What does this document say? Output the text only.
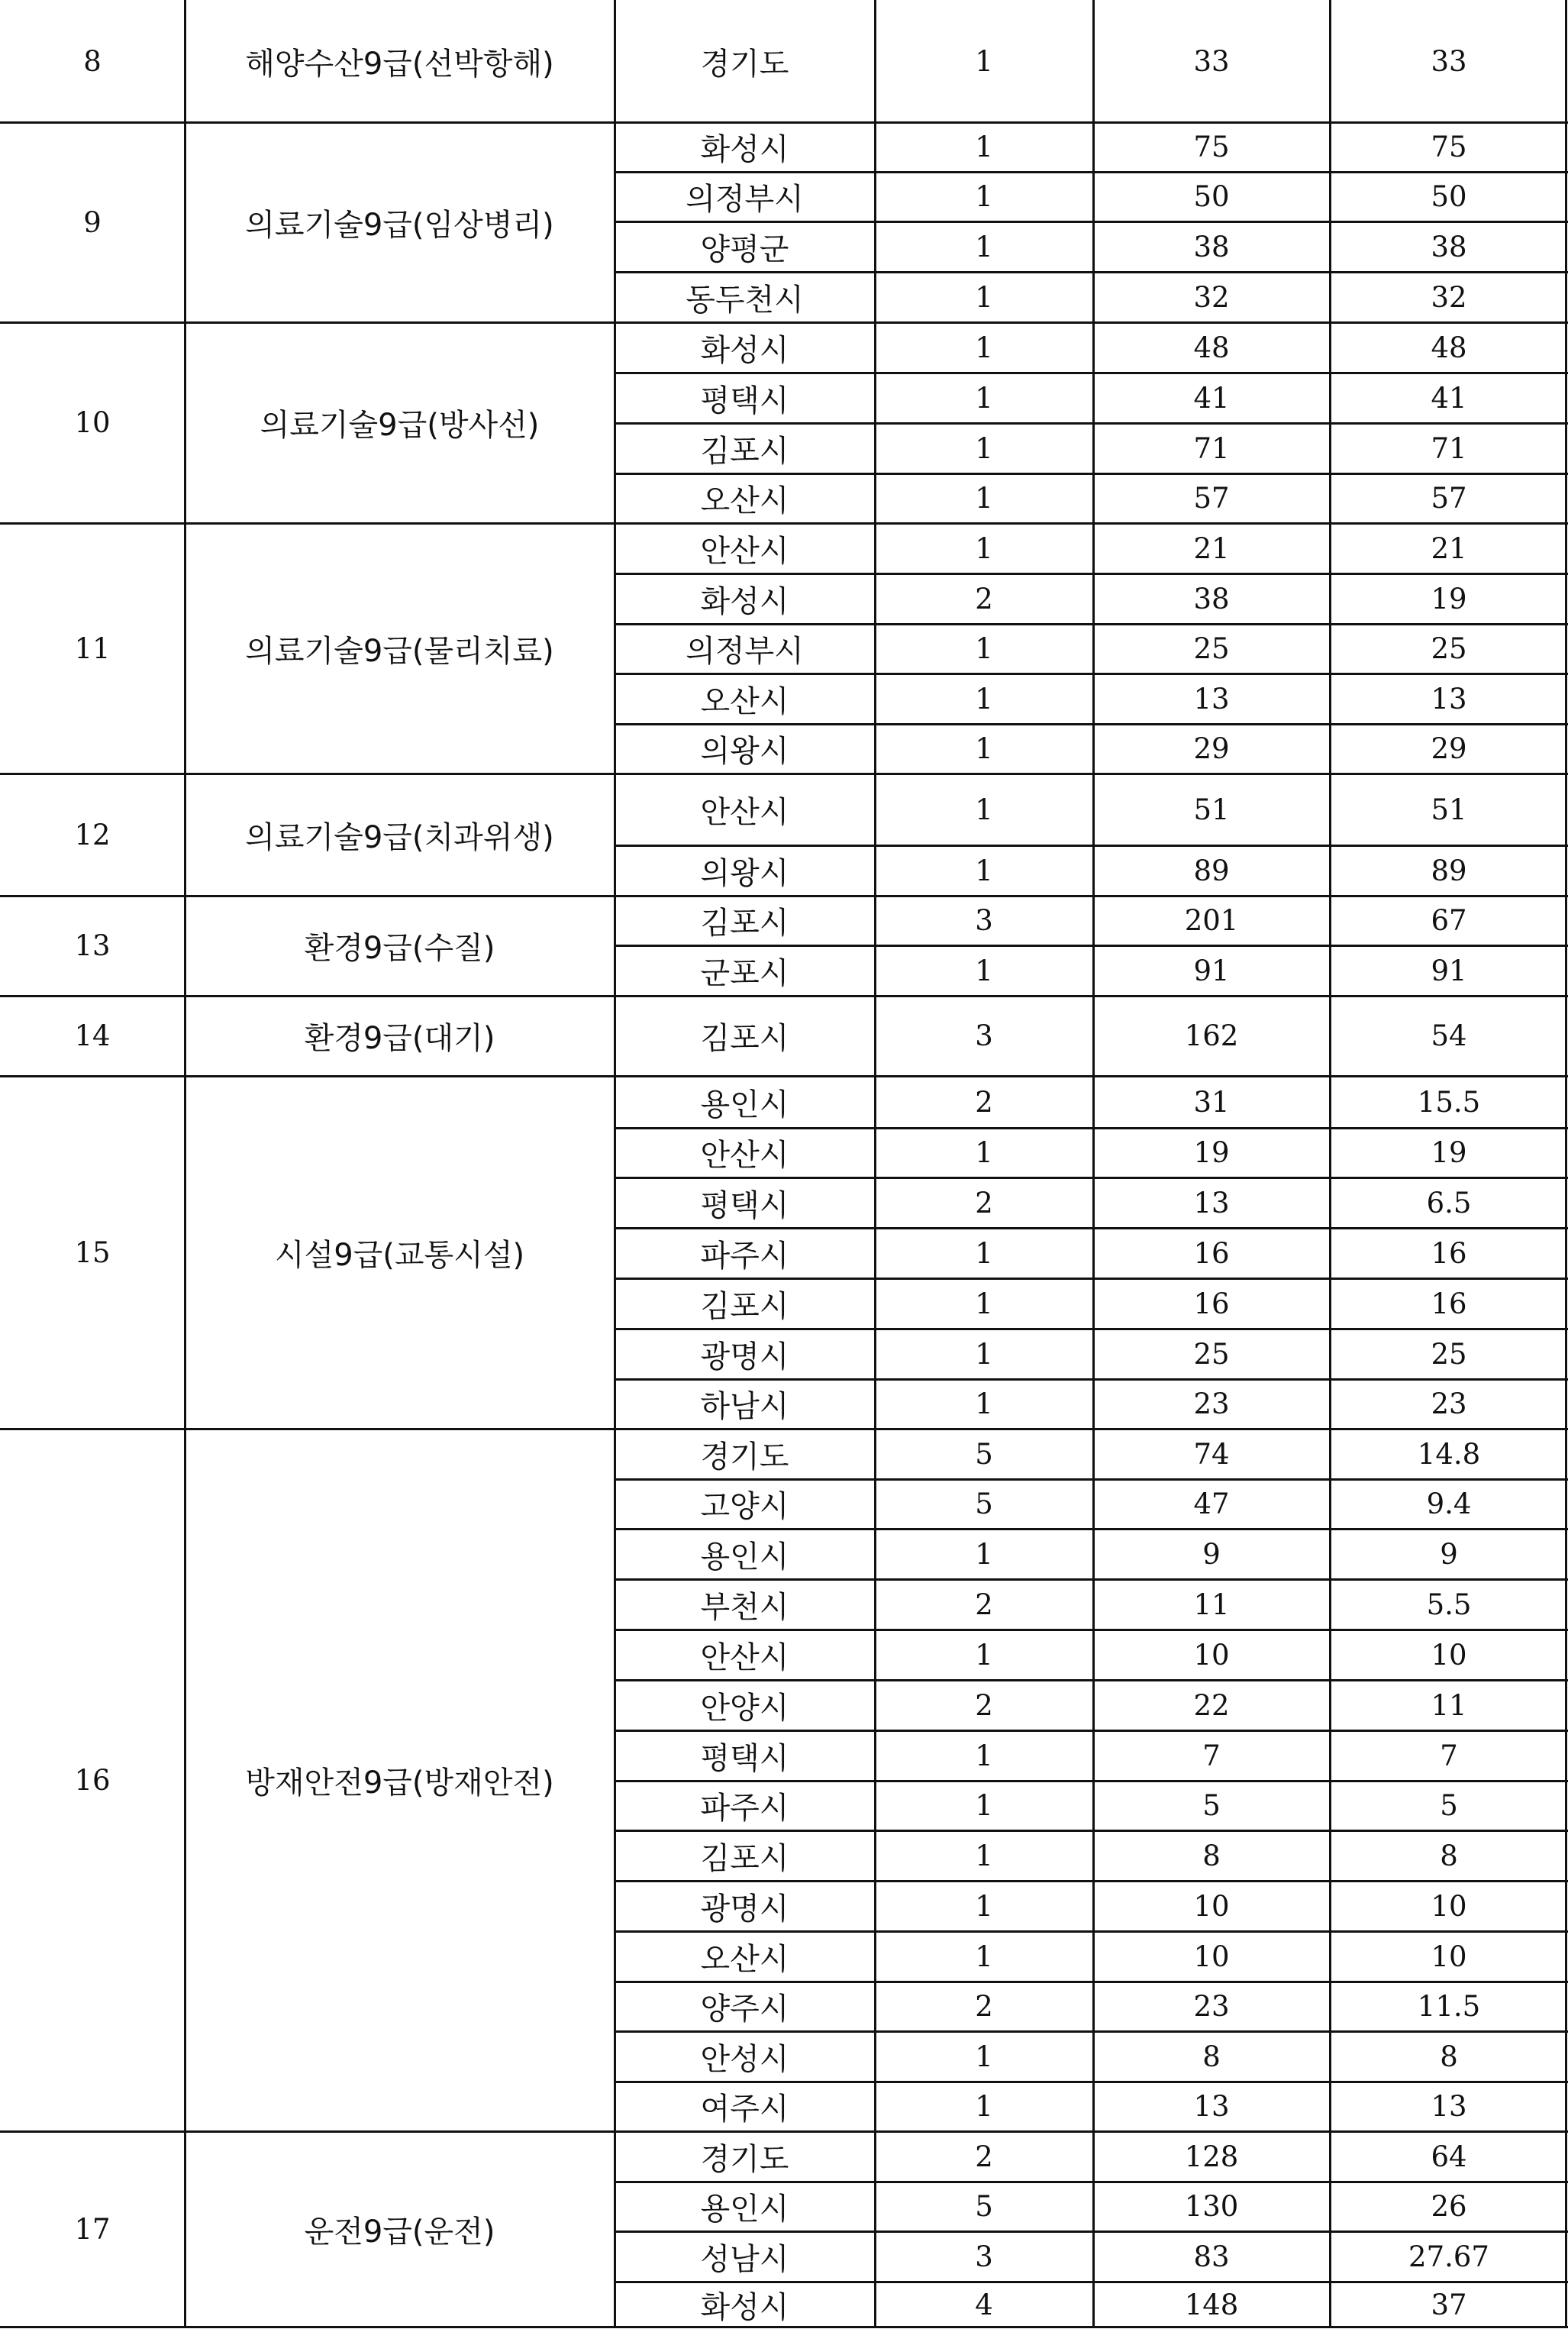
8	해양수산9급(선박항해)	경기도	1	33	33
9	의료기술9급(임상병리)
화성시	1	75	75
의정부시	1	50	50
양평군	1	38	38
동두천시	1	32	32
10	의료기술9급(방사선)
화성시	1	48	48
평택시	1	41	41
김포시	1	71	71
오산시	1	57	57
11	의료기술9급(물리치료)
안산시	1	21	21
화성시	2	38	19
의정부시	1	25	25
오산시	1	13	13
의왕시	1	29	29
12	의료기술9급(치과위생)
안산시	1	51	51
의왕시	1	89	89
13	환경9급(수질)
김포시	3	201	67
군포시	1	91	91
14	환경9급(대기)	김포시	3	162	54
15	시설9급(교통시설)
용인시	2	31	15.5
안산시	1	19	19
평택시	2	13	6.5
파주시	1	16	16
김포시	1	16	16
광명시	1	25	25
하남시	1	23	23
16	방재안전9급(방재안전)
경기도	5	74	14.8
고양시	5	47	9.4
용인시	1	9	9
부천시	2	11	5.5
안산시	1	10	10
안양시	2	22	11
평택시	1	7	7
파주시	1	5	5
김포시	1	8	8
광명시	1	10	10
오산시	1	10	10
양주시	2	23	11.5
안성시	1	8	8
여주시	1	13	13
17	운전9급(운전)
경기도	2	128	64
용인시	5	130	26
성남시	3	83	27.67
화성시	4	148	37
